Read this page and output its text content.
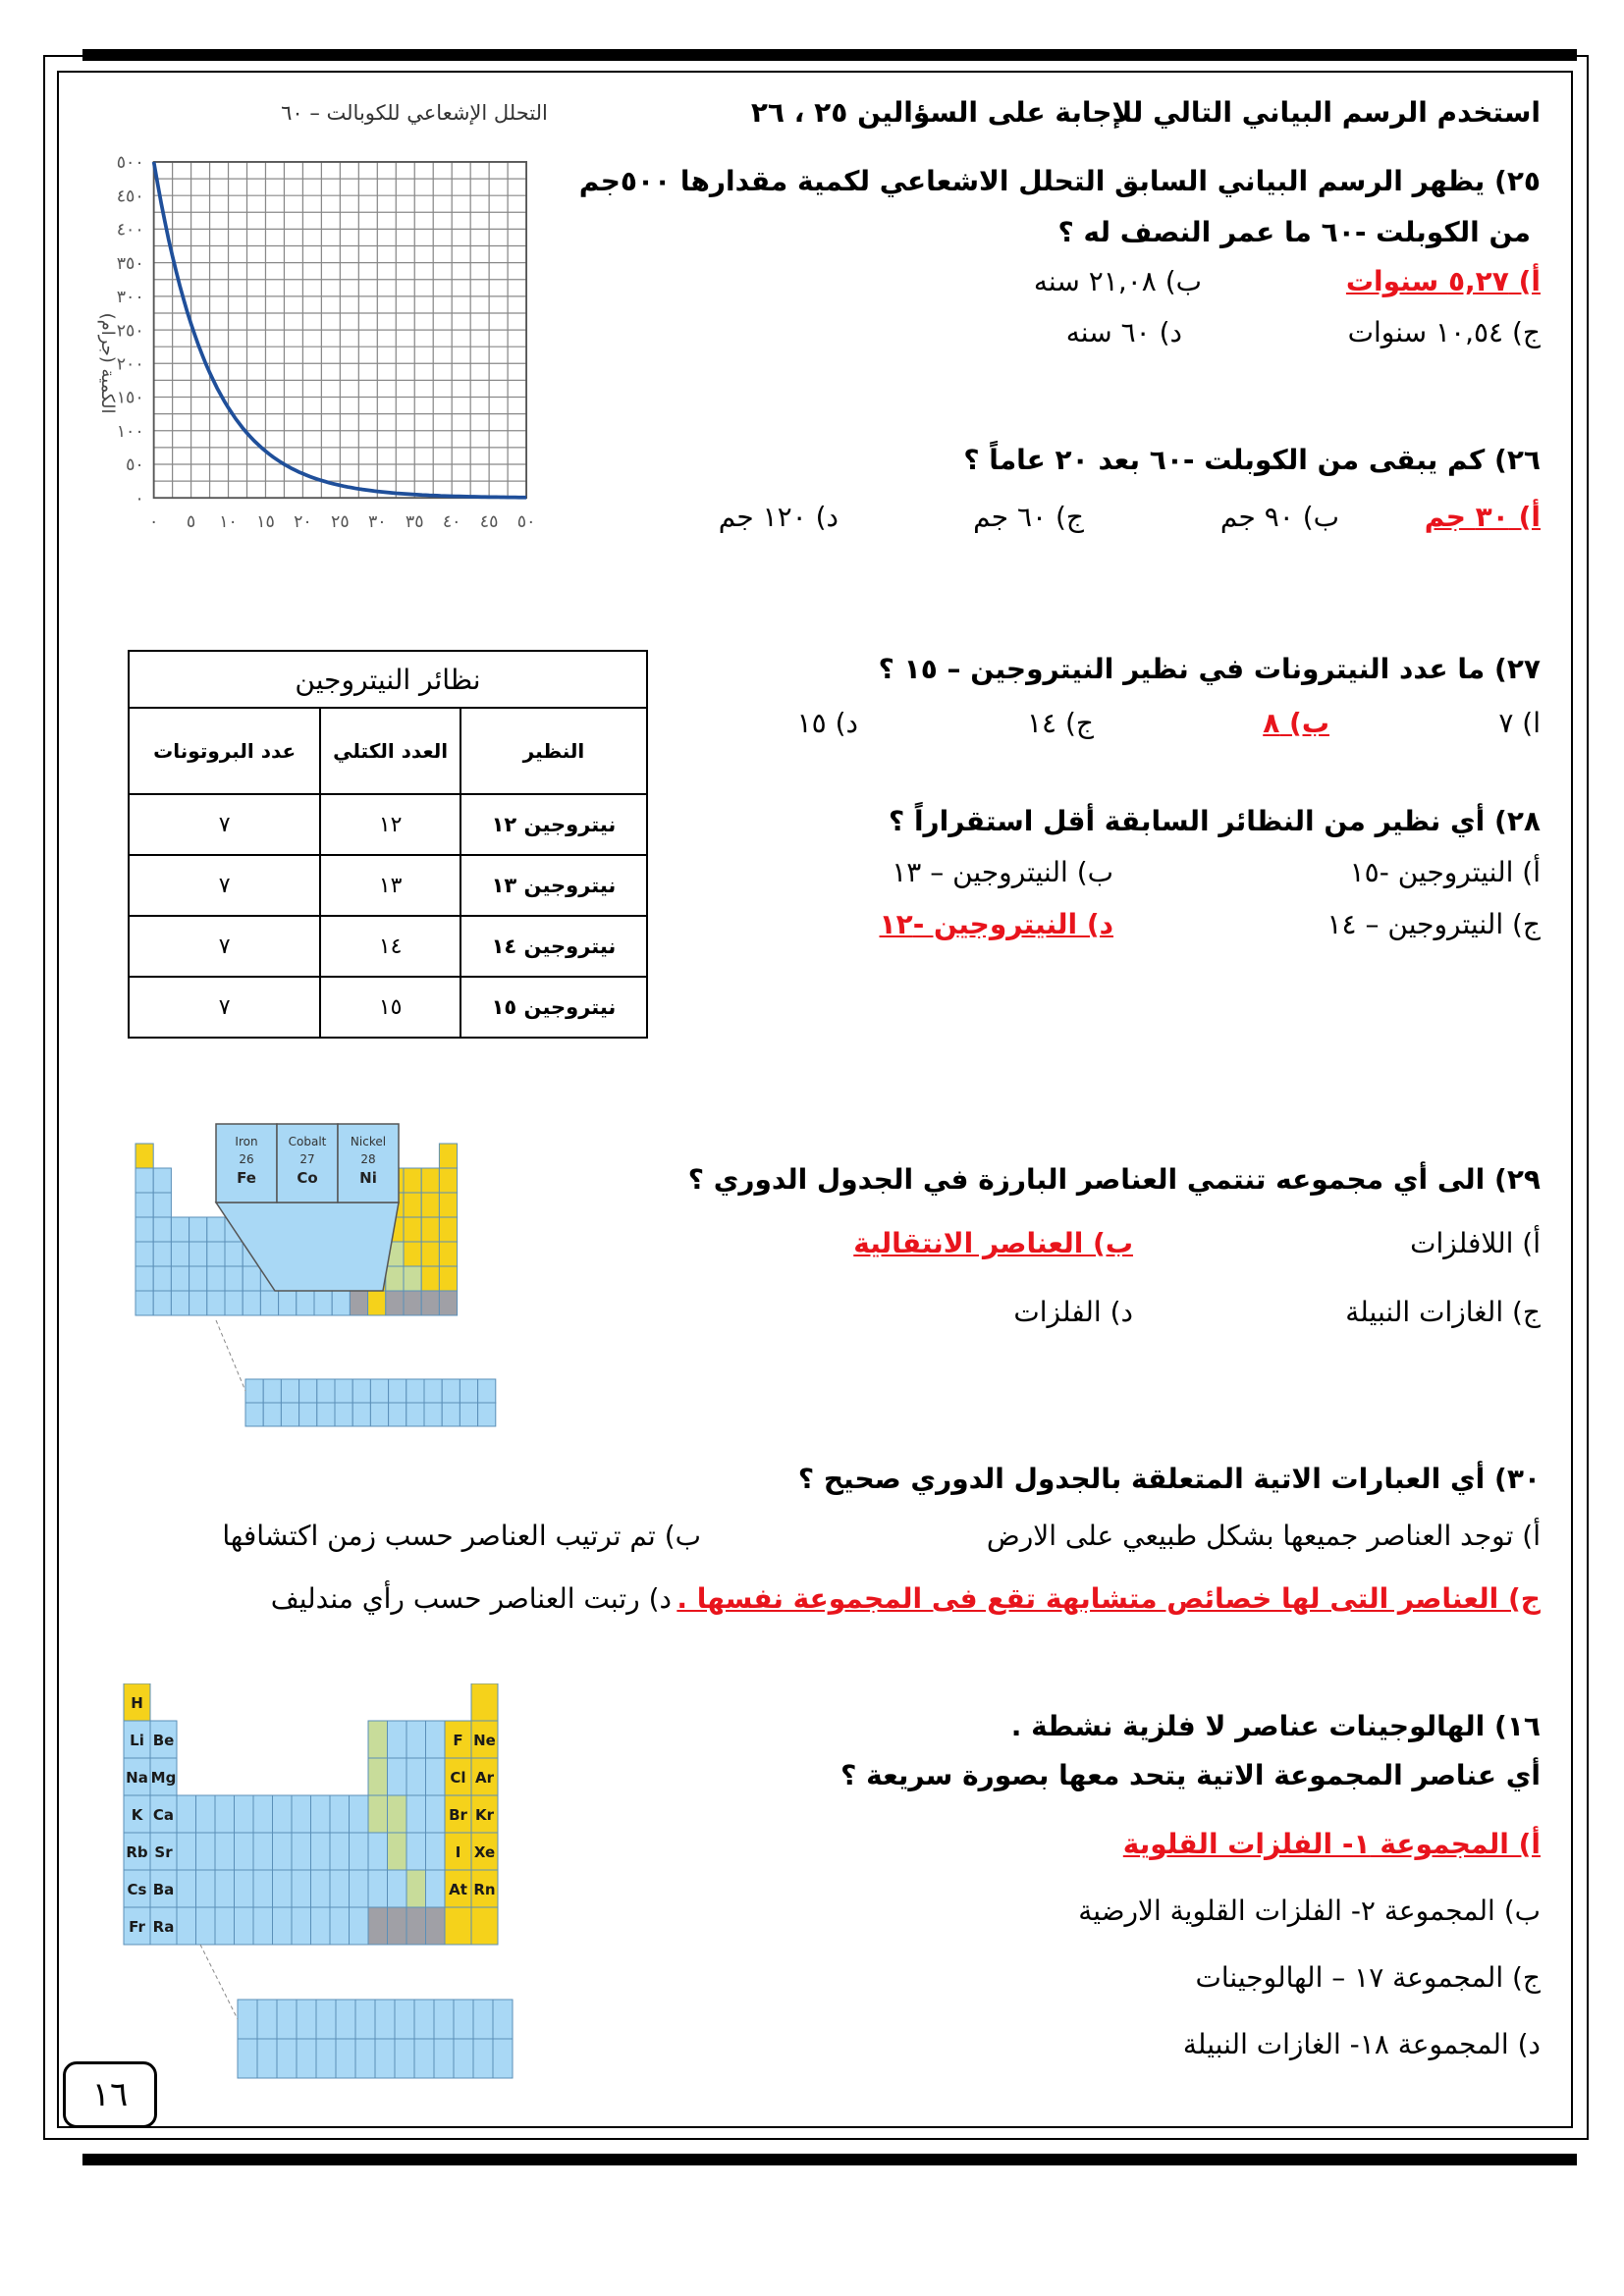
التحلل الإشعاعي للكوبالت – ٦٠
الكمية (جرام)
٠
٥٠
١٠٠
١٥٠
٢٠٠
٢٥٠
٣٠٠
٣٥٠
٤٠٠
٤٥٠
٥٠٠
٠ ٥ ١٠ ١٥ ٢٠ ٢٥ ٣٠ ٣٥ ٤٠ ٤٥ ٥٠
استخدم الرسم البياني التالي للإجابة على السؤالين ٢٥ ، ٢٦
٢٥) يظهر الرسم البياني السابق التحلل الاشعاعي لكمية مقدارها ٥٠٠جم
من الكوبلت -٦٠ ما عمر النصف له ؟
أ) ٥,٢٧ سنوات
ب) ٢١,٠٨ سنه
ج) ١٠,٥٤ سنوات
د) ٦٠ سنه
٢٦) كم يبقى من الكوبلت -٦٠ بعد ٢٠ عاماً ؟
أ) ٣٠ جم
ب) ٩٠ جم
ج) ٦٠ جم
د) ١٢٠ جم
نظائر النيتروجين		
النظير	العدد الكتلي	عدد البروتونات
نيتروجين ١٢	١٢	٧
نيتروجين ١٣	١٣	٧
نيتروجين ١٤	١٤	٧
نيتروجين ١٥	١٥	٧
٢٧) ما عدد النيترونات في نظير النيتروجين – ١٥ ؟
ا) ٧
ب) ٨
ج) ١٤
د) ١٥
٢٨) أي نظير من النظائر السابقة أقل استقراراً ؟
أ) النيتروجين -١٥
ب) النيتروجين – ١٣
ج) النيتروجين – ١٤
د) النيتروجين -١٢
Iron
26
Fe
Cobalt
27
Co
Nickel
28
Ni	٢٩) الى أي مجموعه تنتمي العناصر البارزة في الجدول الدوري ؟
أ) اللافلزات
ب) العناصر الانتقالية
ج) الغازات النبيلة
د) الفلزات
٣٠) أي العبارات الاتية المتعلقة بالجدول الدوري صحيح ؟
أ) توجد العناصر جميعها بشكل طبيعي على الارض
ب) تم ترتيب العناصر حسب زمن اكتشافها
ج) العناصر التى لها خصائص متشابهة تقع فى المجموعة نفسها .
د) رتبت العناصر حسب رأي مندليف
H
Li Be	F Ne
Na Mg	Cl Ar
K Ca	Br Kr
Rb Sr	I Xe
Cs Ba	At Rn
Fr Ra
١٦) الهالوجينات عناصر لا فلزية نشطة .
أي عناصر المجموعة الاتية يتحد معها بصورة سريعة ؟
أ) المجموعة ١- الفلزات القلوية
ب) المجموعة ٢- الفلزات القلوية الارضية
ج) المجموعة ١٧ – الهالوجينات
د) المجموعة ١٨- الغازات النبيلة
١٦
